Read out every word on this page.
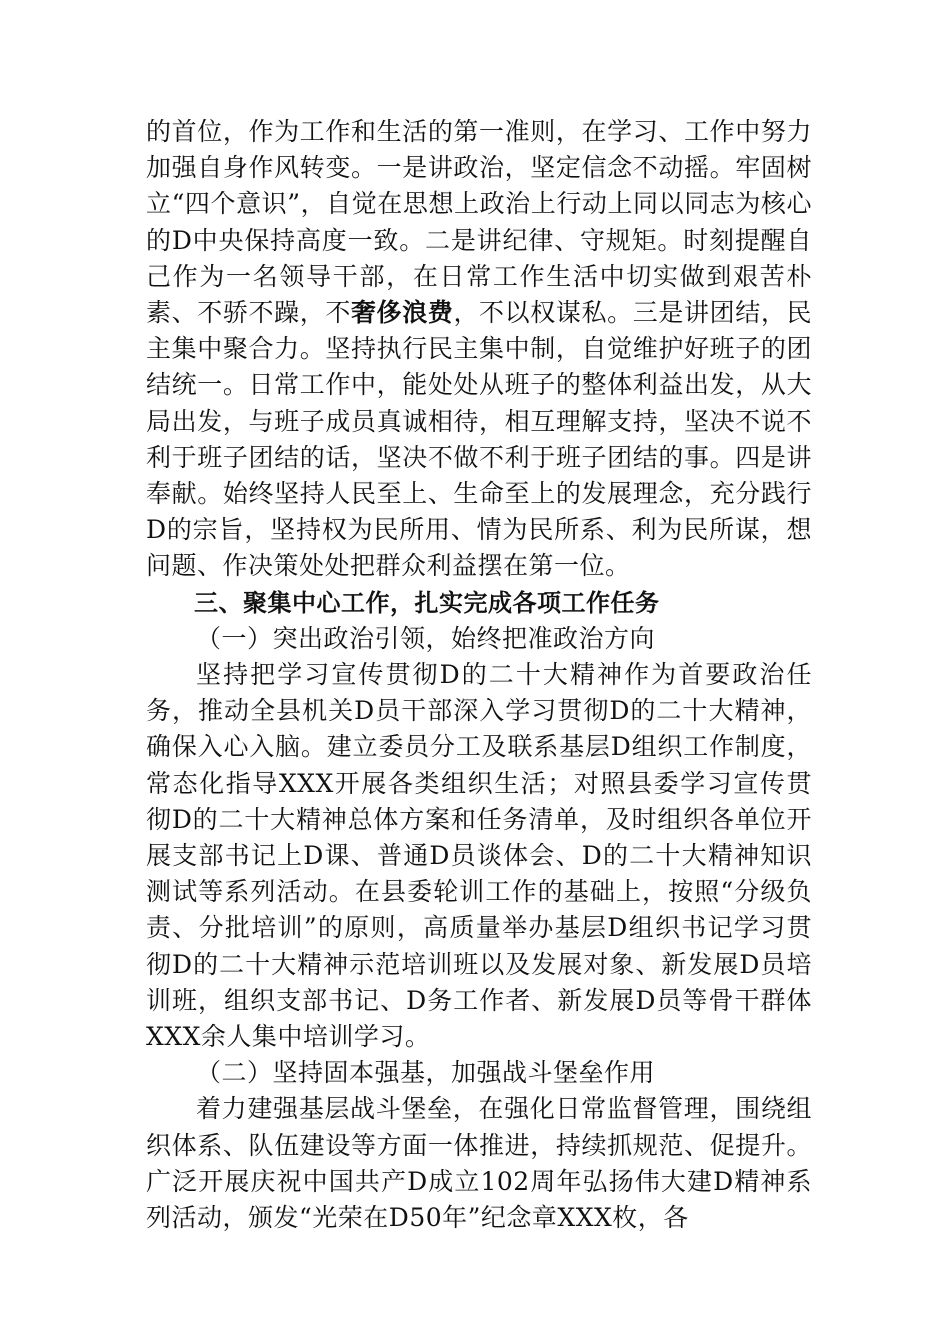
的首位，作为工作和生活的第一准则，在学习、工作中努力加强自身作风转变。一是讲政治，坚定信念不动摇。牢固树立“四个意识”，自觉在思想上政治上行动上同以同志为核心的D中央保持高度一致。二是讲纪律、守规矩。时刻提醒自己作为一名领导干部，在日常工作生活中切实做到艰苦朴素、不骄不躁，不奢侈浪费，不以权谋私。三是讲团结，民主集中聚合力。坚持执行民主集中制，自觉维护好班子的团结统一。日常工作中，能处处从班子的整体利益出发，从大局出发，与班子成员真诚相待，相互理解支持，坚决不说不利于班子团结的话，坚决不做不利于班子团结的事。四是讲奉献。始终坚持人民至上、生命至上的发展理念，充分践行D的宗旨，坚持权为民所用、情为民所系、利为民所谋，想问题、作决策处处把群众利益摆在第一位。

三、聚集中心工作，扎实完成各项工作任务

（一）突出政治引领，始终把准政治方向

坚持把学习宣传贯彻D的二十大精神作为首要政治任务，推动全县机关D员干部深入学习贯彻D的二十大精神，确保入心入脑。建立委员分工及联系基层D组织工作制度，常态化指导XXX开展各类组织生活；对照县委学习宣传贯彻D的二十大精神总体方案和任务清单，及时组织各单位开展支部书记上D课、普通D员谈体会、D的二十大精神知识测试等系列活动。在县委轮训工作的基础上，按照“分级负责、分批培训”的原则，高质量举办基层D组织书记学习贯彻D的二十大精神示范培训班以及发展对象、新发展D员培训班，组织支部书记、D务工作者、新发展D员等骨干群体XXX余人集中培训学习。

（二）坚持固本强基，加强战斗堡垒作用

着力建强基层战斗堡垒，在强化日常监督管理，围绕组织体系、队伍建设等方面一体推进，持续抓规范、促提升。广泛开展庆祝中国共产D成立102周年弘扬伟大建D精神系列活动，颁发“光荣在D50年”纪念章XXX枚，各
